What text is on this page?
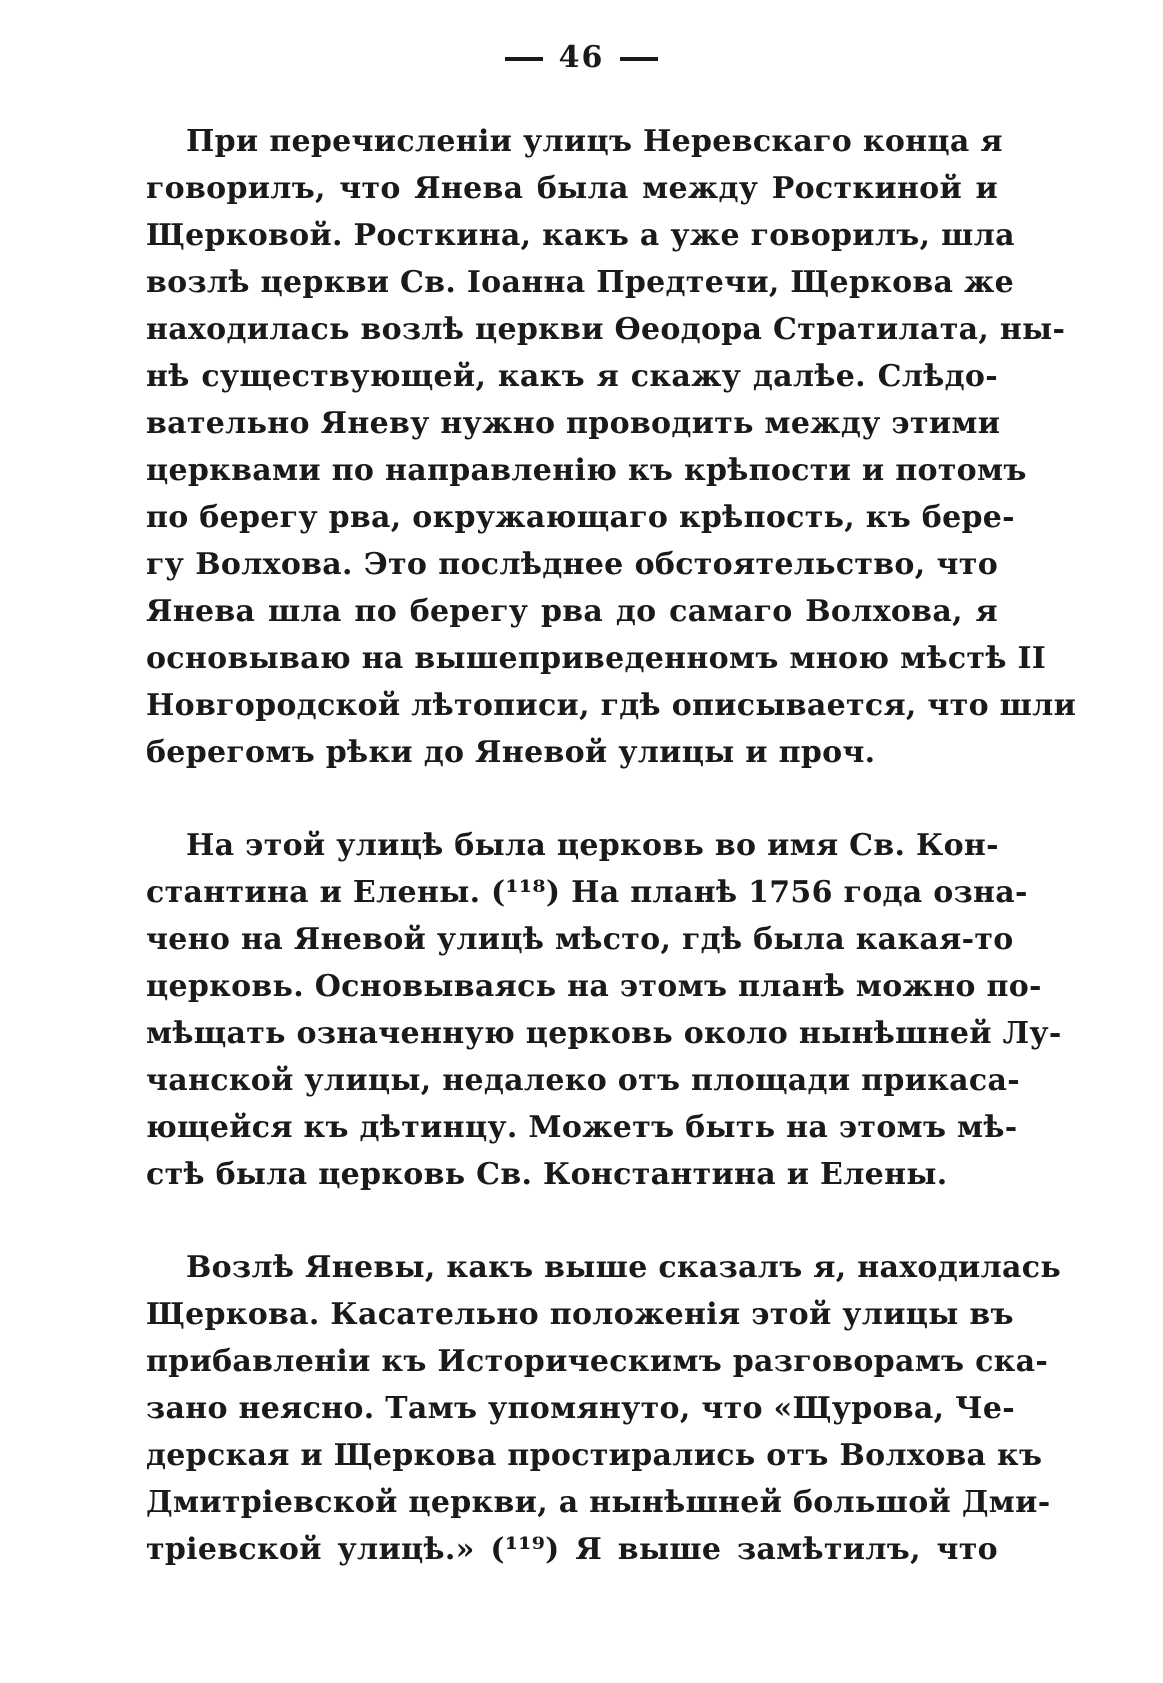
46
При перечисленіи улицъ Неревскаго конца я
говорилъ, что Янева была между Росткиной и
Щерковой. Росткина, какъ а уже говорилъ, шла
возлѣ церкви Св. Іоанна Предтечи, Щеркова же
находилась возлѣ церкви Ѳеодора Стратилата, ны-
нѣ существующей, какъ я скажу далѣе. Слѣдо-
вательно Яневу нужно проводить между этими
церквами по направленію къ крѣпости и потомъ
по берегу рва, окружающаго крѣпость, къ бере-
гу Волхова. Это послѣднее обстоятельство, что
Янева шла по берегу рва до самаго Волхова, я
основываю на вышеприведенномъ мною мѣстѣ II
Новгородской лѣтописи, гдѣ описывается, что шли
берегомъ рѣки до Яневой улицы и проч.
На этой улицѣ была церковь во имя Св. Кон-
стантина и Елены. (¹¹⁸) На планѣ 1756 года озна-
чено на Яневой улицѣ мѣсто, гдѣ была какая-то
церковь. Основываясь на этомъ планѣ можно по-
мѣщать означенную церковь около нынѣшней Лу-
чанской улицы, недалеко отъ площади прикаса-
ющейся къ дѣтинцу. Можетъ быть на этомъ мѣ-
стѣ была церковь Св. Константина и Елены.
Возлѣ Яневы, какъ выше сказалъ я, находилась
Щеркова. Касательно положенія этой улицы въ
прибавленіи къ Историческимъ разговорамъ ска-
зано неясно. Тамъ упомянуто, что «Щурова, Че-
дерская и Щеркова простирались отъ Волхова къ
Дмитріевской церкви, а нынѣшней большой Дми-
тріевской улицѣ.» (¹¹⁹) Я выше замѣтилъ, что
